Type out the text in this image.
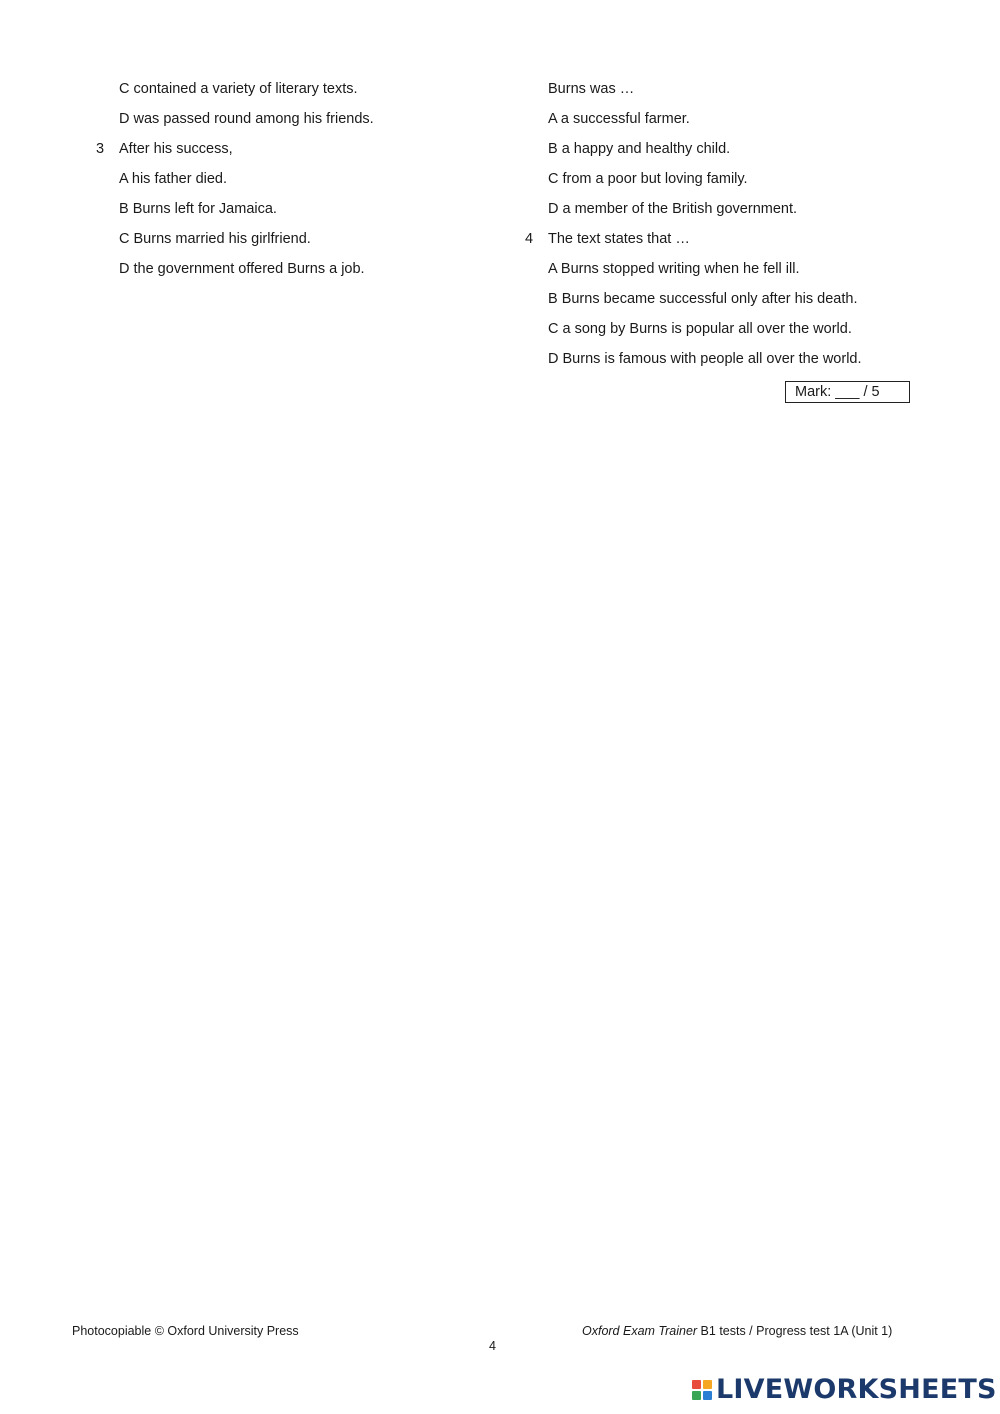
C contained a variety of literary texts.
D was passed round among his friends.
3 After his success,
A his father died.
B Burns left for Jamaica.
C Burns married his girlfriend.
D the government offered Burns a job.
Burns was …
A a successful farmer.
B a happy and healthy child.
C from a poor but loving family.
D a member of the British government.
4 The text states that …
A Burns stopped writing when he fell ill.
B Burns became successful only after his death.
C a song by Burns is popular all over the world.
D Burns is famous with people all over the world.
Mark: ___ / 5
Photocopiable © Oxford University Press	Oxford Exam Trainer B1 tests / Progress test 1A (Unit 1)
4
LIVEWORKSHEETS
